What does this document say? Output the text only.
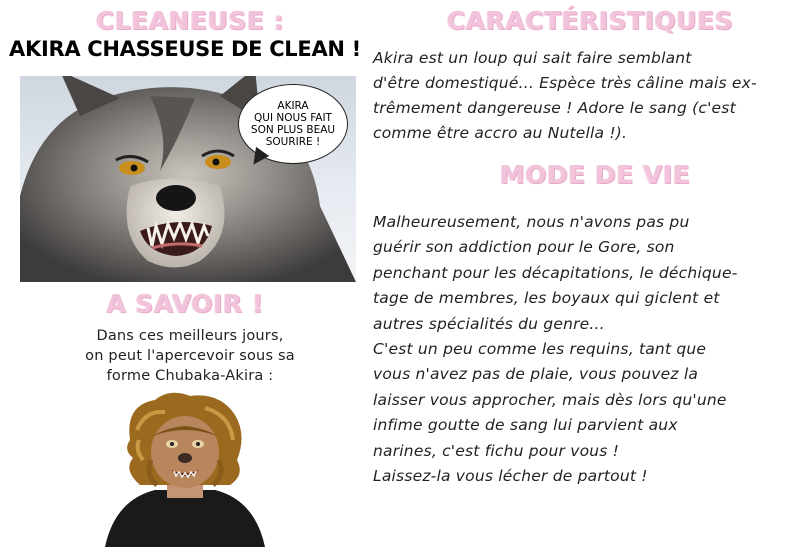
CLEANEUSE :
AKIRA CHASSEUSE DE CLEAN !
AKIRA
QUI NOUS FAIT
SON PLUS BEAU
SOURIRE !
A SAVOIR !
Dans ces meilleurs jours,
on peut l'apercevoir sous sa
forme Chubaka-Akira :
CARACTÉRISTIQUES
Akira est un loup qui sait faire semblant
d'être domestiqué... Espèce très câline mais ex-
trêmement dangereuse ! Adore le sang (c'est
comme être accro au Nutella !).
MODE DE VIE
Malheureusement, nous n'avons pas pu
guérir son addiction pour le Gore, son
penchant pour les décapitations, le déchique-
tage de membres, les boyaux qui giclent et
autres spécialités du genre...
C'est un peu comme les requins, tant que
vous n'avez pas de plaie, vous pouvez la
laisser vous approcher, mais dès lors qu'une
infime goutte de sang lui parvient aux
narines, c'est fichu pour vous !
Laissez-la vous lécher de partout !
